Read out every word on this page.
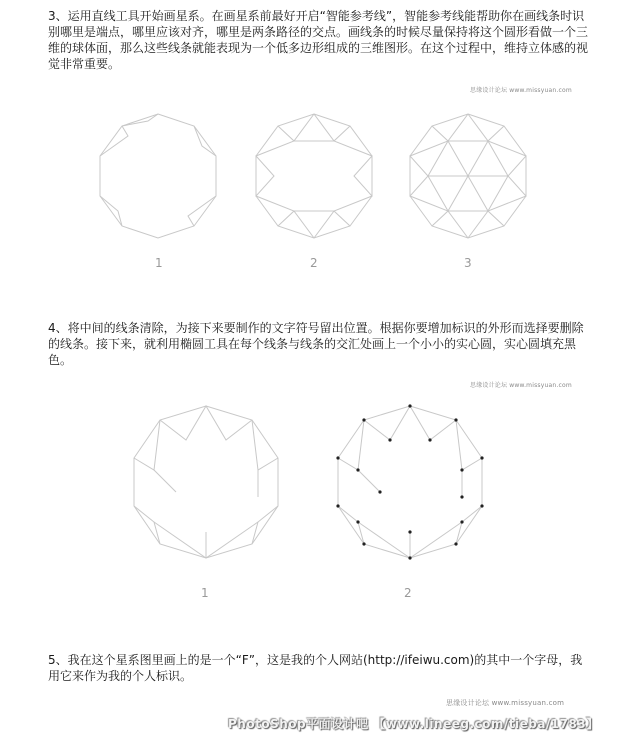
3、运用直线工具开始画星系。在画星系前最好开启“智能参考线”，智能参考线能帮助你在画线条时识别哪里是端点，哪里应该对齐，哪里是两条路径的交点。画线条的时候尽量保持将这个圆形看做一个三维的球体面，那么这些线条就能表现为一个低多边形组成的三维图形。在这个过程中，维持立体感的视觉非常重要。

思缘设计论坛 www.missyuan.com
1	2	3

4、将中间的线条清除，为接下来要制作的文字符号留出位置。根据你要增加标识的外形而选择要删除的线条。接下来，就利用椭圆工具在每个线条与线条的交汇处画上一个小小的实心圆，实心圆填充黑色。

思缘设计论坛 www.missyuan.com
1	2

5、我在这个星系图里画上的是一个“F”，这是我的个人网站(http://ifeiwu.com)的其中一个字母，我用它来作为我的个人标识。

思缘设计论坛 www.missyuan.com
PhotoShop平面设计吧 【www.lineeg.com/tieba/1783】
